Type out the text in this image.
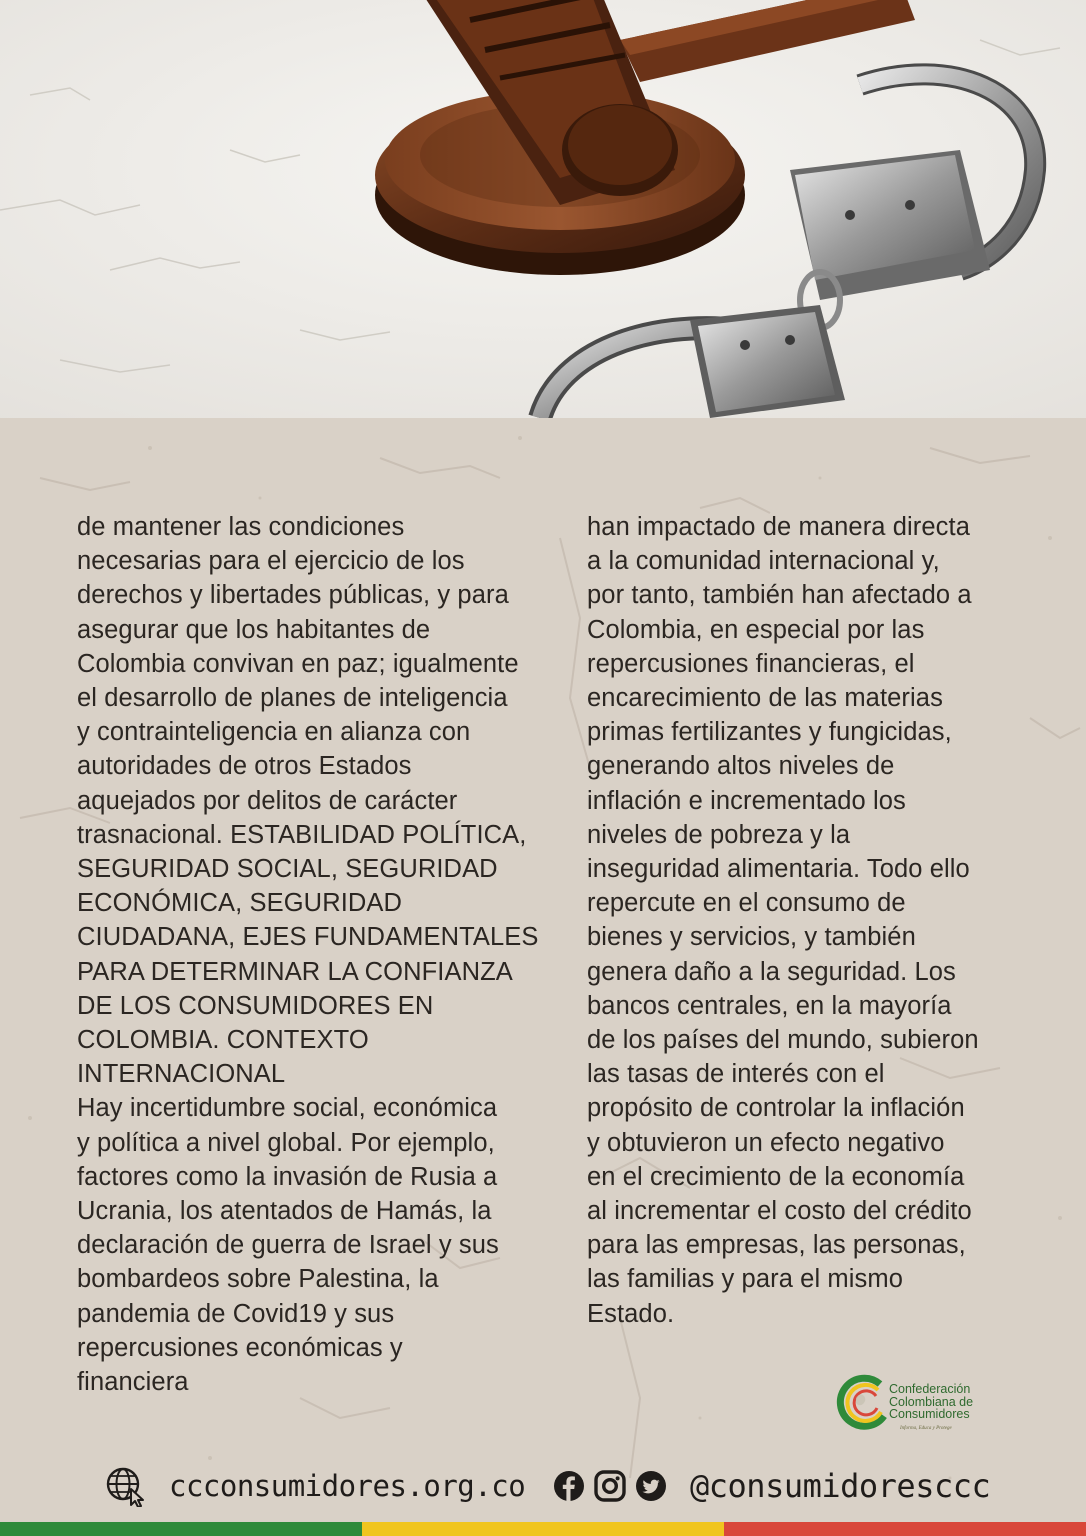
de mantener las condiciones
necesarias para el ejercicio de los
derechos y libertades públicas, y para
asegurar que los habitantes de
Colombia convivan en paz; igualmente
el desarrollo de planes de inteligencia
y contrainteligencia en alianza con
autoridades de otros Estados
aquejados por delitos de carácter
trasnacional. ESTABILIDAD POLÍTICA,
SEGURIDAD SOCIAL, SEGURIDAD
ECONÓMICA, SEGURIDAD
CIUDADANA, EJES FUNDAMENTALES
PARA DETERMINAR LA CONFIANZA
DE LOS CONSUMIDORES EN
COLOMBIA. CONTEXTO
INTERNACIONAL
Hay incertidumbre social, económica
y política a nivel global. Por ejemplo,
factores como la invasión de Rusia a
Ucrania, los atentados de Hamás, la
declaración de guerra de Israel y sus
bombardeos sobre Palestina, la
pandemia de Covid19 y sus
repercusiones económicas y
financiera

han impactado de manera directa
a la comunidad internacional y,
por tanto, también han afectado a
Colombia, en especial por las
repercusiones financieras, el
encarecimiento de las materias
primas fertilizantes y fungicidas,
generando altos niveles de
inflación e incrementado los
niveles de pobreza y la
inseguridad alimentaria. Todo ello
repercute en el consumo de
bienes y servicios, y también
genera daño a la seguridad. Los
bancos centrales, en la mayoría
de los países del mundo, subieron
las tasas de interés con el
propósito de controlar la inflación
y obtuvieron un efecto negativo
en el crecimiento de la economía
al incrementar el costo del crédito
para las empresas, las personas,
las familias y para el mismo
Estado.

Confederación
Colombiana de
Consumidores
Informa, Educa y Protege
ccconsumidores.org.co	@consumidoresccc
